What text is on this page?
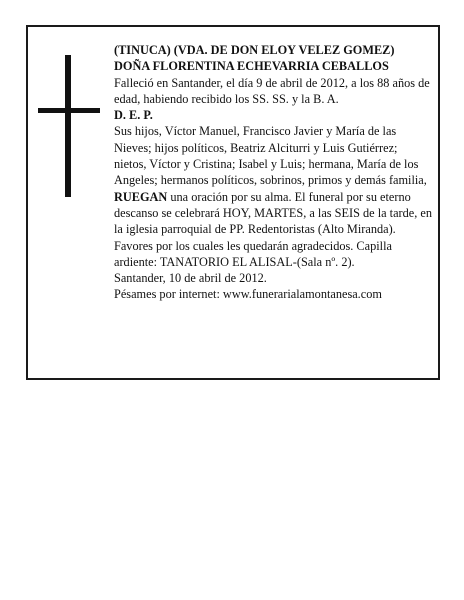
(TINUCA) (VDA. DE DON ELOY VELEZ GOMEZ)

DOÑA FLORENTINA ECHEVARRIA CEBALLOS

Falleció en Santander, el día 9 de abril de 2012, a los 88 años de edad, habiendo recibido los SS. SS. y la B. A.

D. E. P.

Sus hijos, Víctor Manuel, Francisco Javier y María de las Nieves; hijos políticos, Beatriz Alciturri y Luis Gutiérrez; nietos, Víctor y Cristina; Isabel y Luis; hermana, María de los Angeles; hermanos políticos, sobrinos, primos y demás familia,

RUEGAN una oración por su alma. El funeral por su eterno descanso se celebrará HOY, MARTES, a las SEIS de la tarde, en la iglesia parroquial de PP. Redentoristas (Alto Miranda). Favores por los cuales les quedarán agradecidos. Capilla ardiente: TANATORIO EL ALISAL-(Sala nº. 2).

Santander, 10 de abril de 2012.

Pésames por internet: www.funerarialamontanesa.com
